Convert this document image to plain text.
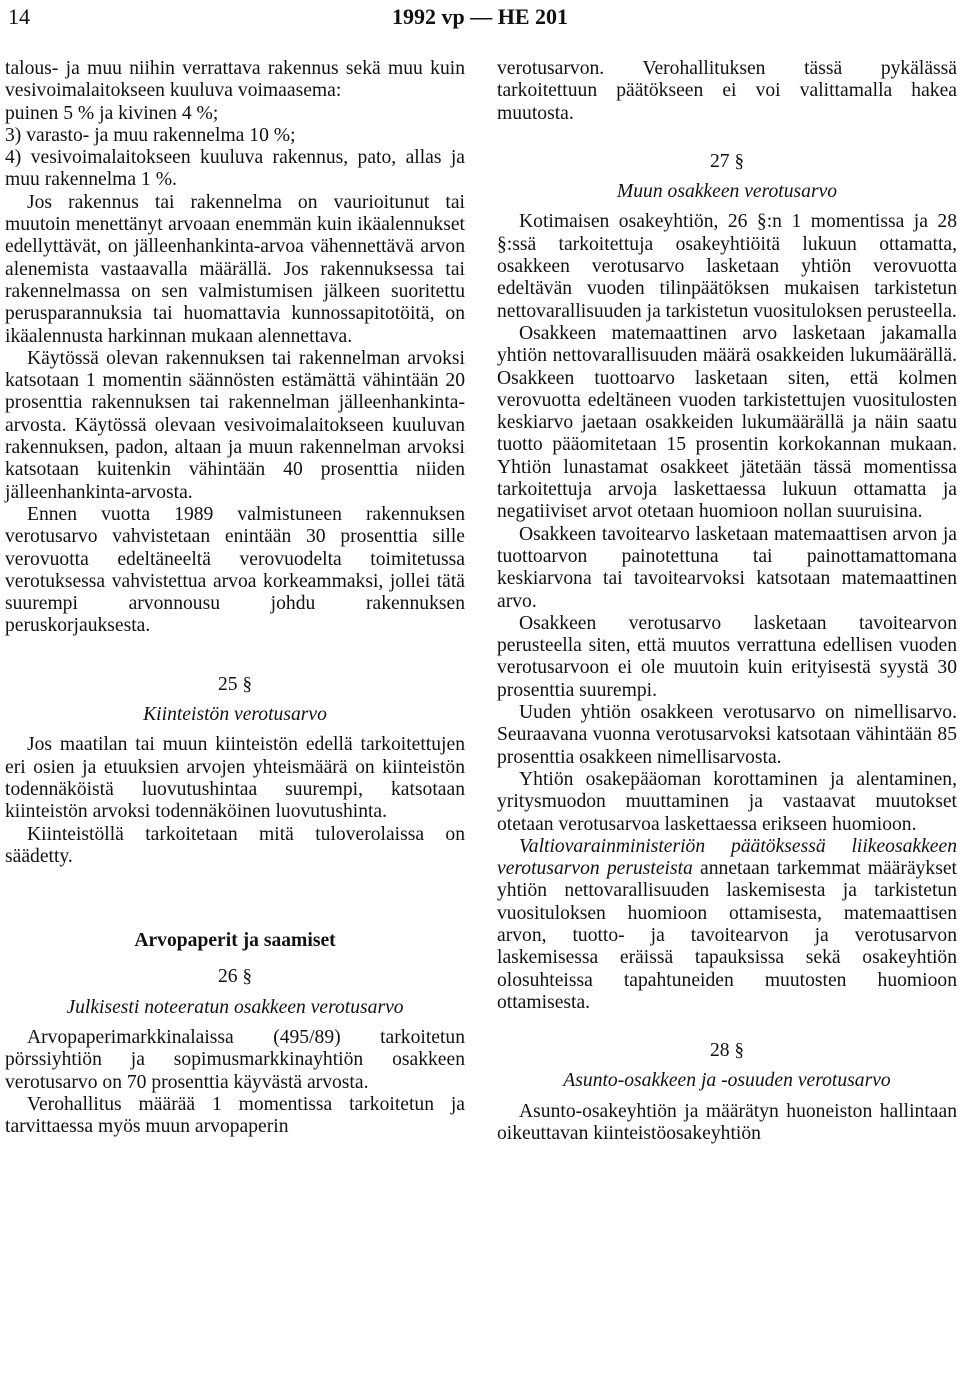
14	1992 vp — HE 201

talous- ja muu niihin verrattava rakennus sekä muu kuin vesivoimalaitokseen kuuluva voimaasema:

puinen 5 % ja kivinen 4 %;

3) varasto- ja muu rakennelma 10 %;

4) vesivoimalaitokseen kuuluva rakennus, pato, allas ja muu rakennelma 1 %.

Jos rakennus tai rakennelma on vaurioitunut tai muutoin menettänyt arvoaan enemmän kuin ikäalennukset edellyttävät, on jälleenhankinta-arvoa vähennettävä arvon alenemista vastaavalla määrällä. Jos rakennuksessa tai rakennelmassa on sen valmistumisen jälkeen suoritettu perusparannuksia tai huomattavia kunnossapitotöitä, on ikäalennusta harkinnan mukaan alennettava.

Käytössä olevan rakennuksen tai rakennelman arvoksi katsotaan 1 momentin säännösten estämättä vähintään 20 prosenttia rakennuksen tai rakennelman jälleenhankinta-arvosta. Käytössä olevaan vesivoimalaitokseen kuuluvan rakennuksen, padon, altaan ja muun rakennelman arvoksi katsotaan kuitenkin vähintään 40 prosenttia niiden jälleenhankinta-arvosta.

Ennen vuotta 1989 valmistuneen rakennuksen verotusarvo vahvistetaan enintään 30 prosenttia sille verovuotta edeltäneeltä verovuodelta toimitetussa verotuksessa vahvistettua arvoa korkeammaksi, jollei tätä suurempi arvonnousu johdu rakennuksen peruskorjauksesta.

25 §

Kiinteistön verotusarvo

Jos maatilan tai muun kiinteistön edellä tarkoitettujen eri osien ja etuuksien arvojen yhteismäärä on kiinteistön todennäköistä luovutushintaa suurempi, katsotaan kiinteistön arvoksi todennäköinen luovutushinta.

Kiinteistöllä tarkoitetaan mitä tuloverolaissa on säädetty.

Arvopaperit ja saamiset

26 §

Julkisesti noteeratun osakkeen verotusarvo

Arvopaperimarkkinalaissa (495/89) tarkoitetun pörssiyhtiön ja sopimusmarkkinayhtiön osakkeen verotusarvo on 70 prosenttia käyvästä arvosta.

Verohallitus määrää 1 momentissa tarkoitetun ja tarvittaessa myös muun arvopaperin

verotusarvon. Verohallituksen tässä pykälässä tarkoitettuun päätökseen ei voi valittamalla hakea muutosta.

27 §

Muun osakkeen verotusarvo

Kotimaisen osakeyhtiön, 26 §:n 1 momentissa ja 28 §:ssä tarkoitettuja osakeyhtiöitä lukuun ottamatta, osakkeen verotusarvo lasketaan yhtiön verovuotta edeltävän vuoden tilinpäätöksen mukaisen tarkistetun nettovarallisuuden ja tarkistetun vuosituloksen perusteella.

Osakkeen matemaattinen arvo lasketaan jakamalla yhtiön nettovarallisuuden määrä osakkeiden lukumäärällä. Osakkeen tuottoarvo lasketaan siten, että kolmen verovuotta edeltäneen vuoden tarkistettujen vuositulosten keskiarvo jaetaan osakkeiden lukumäärällä ja näin saatu tuotto pääomitetaan 15 prosentin korkokannan mukaan. Yhtiön lunastamat osakkeet jätetään tässä momentissa tarkoitettuja arvoja laskettaessa lukuun ottamatta ja negatiiviset arvot otetaan huomioon nollan suuruisina.

Osakkeen tavoitearvo lasketaan matemaattisen arvon ja tuottoarvon painotettuna tai painottamattomana keskiarvona tai tavoitearvoksi katsotaan matemaattinen arvo.

Osakkeen verotusarvo lasketaan tavoitearvon perusteella siten, että muutos verrattuna edellisen vuoden verotusarvoon ei ole muutoin kuin erityisestä syystä 30 prosenttia suurempi.

Uuden yhtiön osakkeen verotusarvo on nimellisarvo. Seuraavana vuonna verotusarvoksi katsotaan vähintään 85 prosenttia osakkeen nimellisarvosta.

Yhtiön osakepääoman korottaminen ja alentaminen, yritysmuodon muuttaminen ja vastaavat muutokset otetaan verotusarvoa laskettaessa erikseen huomioon.

Valtiovarainministeriön päätöksessä liikeosakkeen verotusarvon perusteista annetaan tarkemmat määräykset yhtiön nettovarallisuuden laskemisesta ja tarkistetun vuosituloksen huomioon ottamisesta, matemaattisen arvon, tuotto- ja tavoitearvon ja verotusarvon laskemisessa eräissä tapauksissa sekä osakeyhtiön olosuhteissa tapahtuneiden muutosten huomioon ottamisesta.

28 §

Asunto-osakkeen ja -osuuden verotusarvo

Asunto-osakeyhtiön ja määrätyn huoneiston hallintaan oikeuttavan kiinteistöosakeyhtiön
